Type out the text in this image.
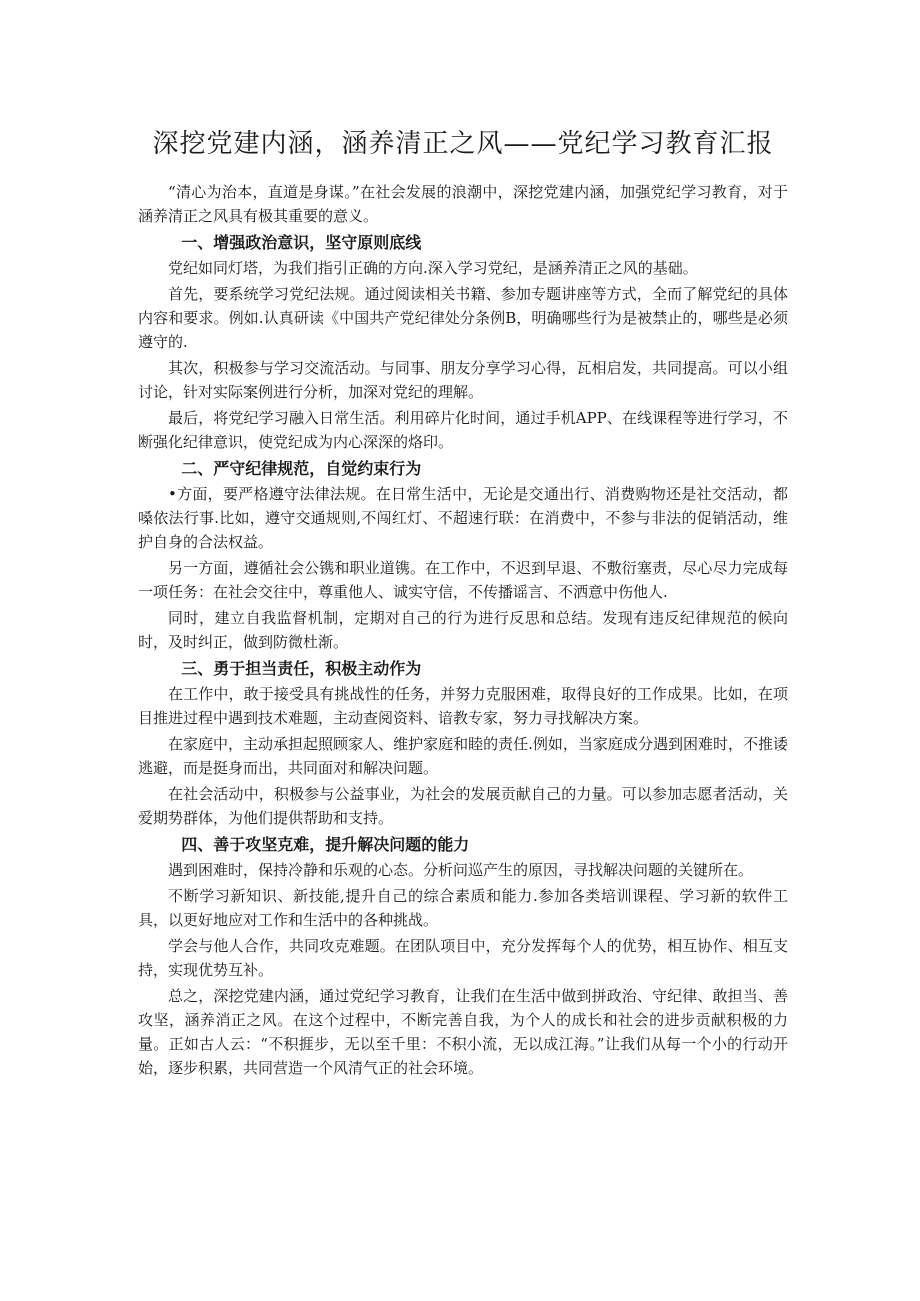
深挖党建内涵，涵养清正之风——党纪学习教育汇报

“清心为治本，直道是身谋。”在社会发展的浪潮中，深挖党建内涵，加强党纪学习教育，对于涵养清正之风具有极其重要的意义。

一、增强政治意识，坚守原则底线

党纪如同灯塔，为我们指引正确的方向.深入学习党纪，是涵养清正之风的基础。

首先，要系统学习党纪法规。通过阅读相关书籍、参加专题讲座等方式，全而了解党纪的具体内容和要求。例如.认真研读《中国共产党纪律处分条例B，明确哪些行为是被禁止的，哪些是必须遵守的.

其次，积极参与学习交流活动。与同事、朋友分享学习心得，瓦相启发，共同提高。可以小组讨论，针对实际案例进行分析，加深对党纪的理解。

最后，将党纪学习融入日常生活。利用碎片化时间，通过手机APP、在线课程等进行学习，不断强化纪律意识，使党纪成为内心深深的烙印。

二、严守纪律规范，自觉约束行为

•方面，要严格遵守法律法规。在日常生活中，无论是交通出行、消费购物还是社交活动，都嗓依法行事.比如，遵守交通规则,不闯红灯、不超速行联：在消费中，不参与非法的促销活动，维护自身的合法权益。

另一方面，遵循社会公镌和职业道镌。在工作中，不迟到早退、不敷衍塞责，尽心尽力完成每一项任务：在社会交往中，尊重他人、诚实守信，不传播谣言、不洒意中伤他人.

同时，建立自我监督机制，定期对自己的行为进行反思和总结。发现有违反纪律规范的候向时，及时纠正，做到防微杜渐。

三、勇于担当责任，积极主动作为

在工作中，敢于接受具有挑战性的任务，并努力克服困难，取得良好的工作成果。比如，在项目推进过程中遇到技术难题，主动查阅资料、谙教专家，努力寻找解决方案。

在家庭中，主动承担起照顾家人、维护家庭和睦的责任.例如，当家庭成分遇到困难时，不推诿逃避，而是挺身而出，共同面对和解决问题。

在社会活动中，积极参与公益事业，为社会的发展贡献自己的力量。可以参加志愿者活动，关爱期势群体，为他们提供帮助和支持。

四、善于攻坚克难，提升解决问题的能力

遇到困难时，保持冷静和乐观的心态。分析问巡产生的原因，寻找解决问题的关键所在。

不断学习新知识、新技能,提升自己的综合素质和能力.参加各类培训课程、学习新的软件工具，以更好地应对工作和生活中的各种挑战。

学会与他人合作，共同攻克难题。在团队项目中，充分发挥每个人的优势，相互协作、相互支持，实现优势互补。

总之，深挖党建内涵，通过党纪学习教育，让我们在生活中做到拼政治、守纪律、敢担当、善攻坚，涵养消正之风。在这个过程中，不断完善自我，为个人的成长和社会的进步贡献积极的力量。正如古人云：“不积捱步，无以至千里：不积小流，无以成江海。”让我们从每一个小的行动开始，逐步积累，共同营造一个风清气正的社会环境。
